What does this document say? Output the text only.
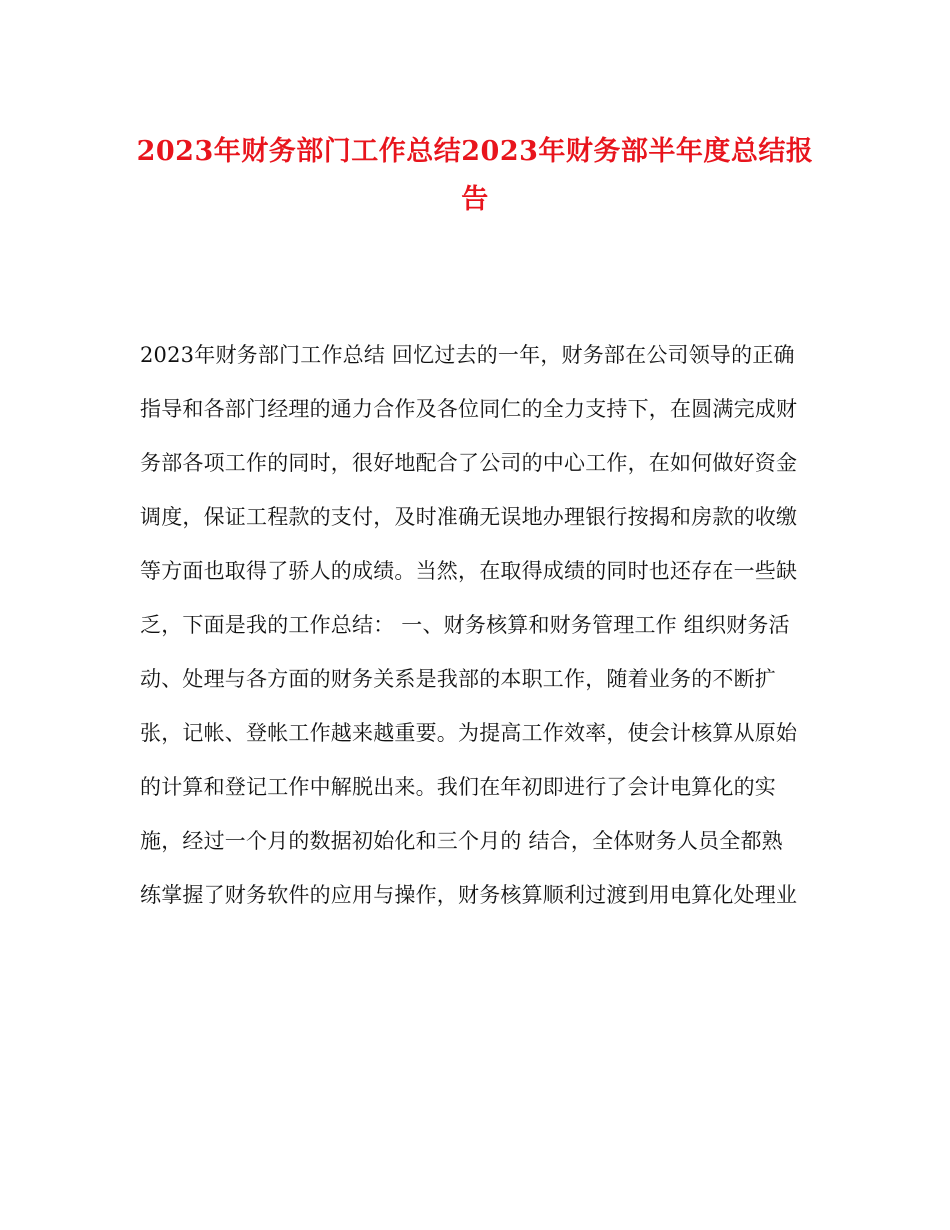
2023年财务部门工作总结2023年财务部半年度总结报告
2023年财务部门工作总结 回忆过去的一年，财务部在公司领导的正确
指导和各部门经理的通力合作及各位同仁的全力支持下，在圆满完成财
务部各项工作的同时，很好地配合了公司的中心工作，在如何做好资金
调度，保证工程款的支付，及时准确无误地办理银行按揭和房款的收缴
等方面也取得了骄人的成绩。当然，在取得成绩的同时也还存在一些缺
乏，下面是我的工作总结： 一、财务核算和财务管理工作 组织财务活
动、处理与各方面的财务关系是我部的本职工作，随着业务的不断扩
张，记帐、登帐工作越来越重要。为提高工作效率，使会计核算从原始
的计算和登记工作中解脱出来。我们在年初即进行了会计电算化的实
施，经过一个月的数据初始化和三个月的 结合，全体财务人员全都熟
练掌握了财务软件的应用与操作，财务核算顺利过渡到用电算化处理业
